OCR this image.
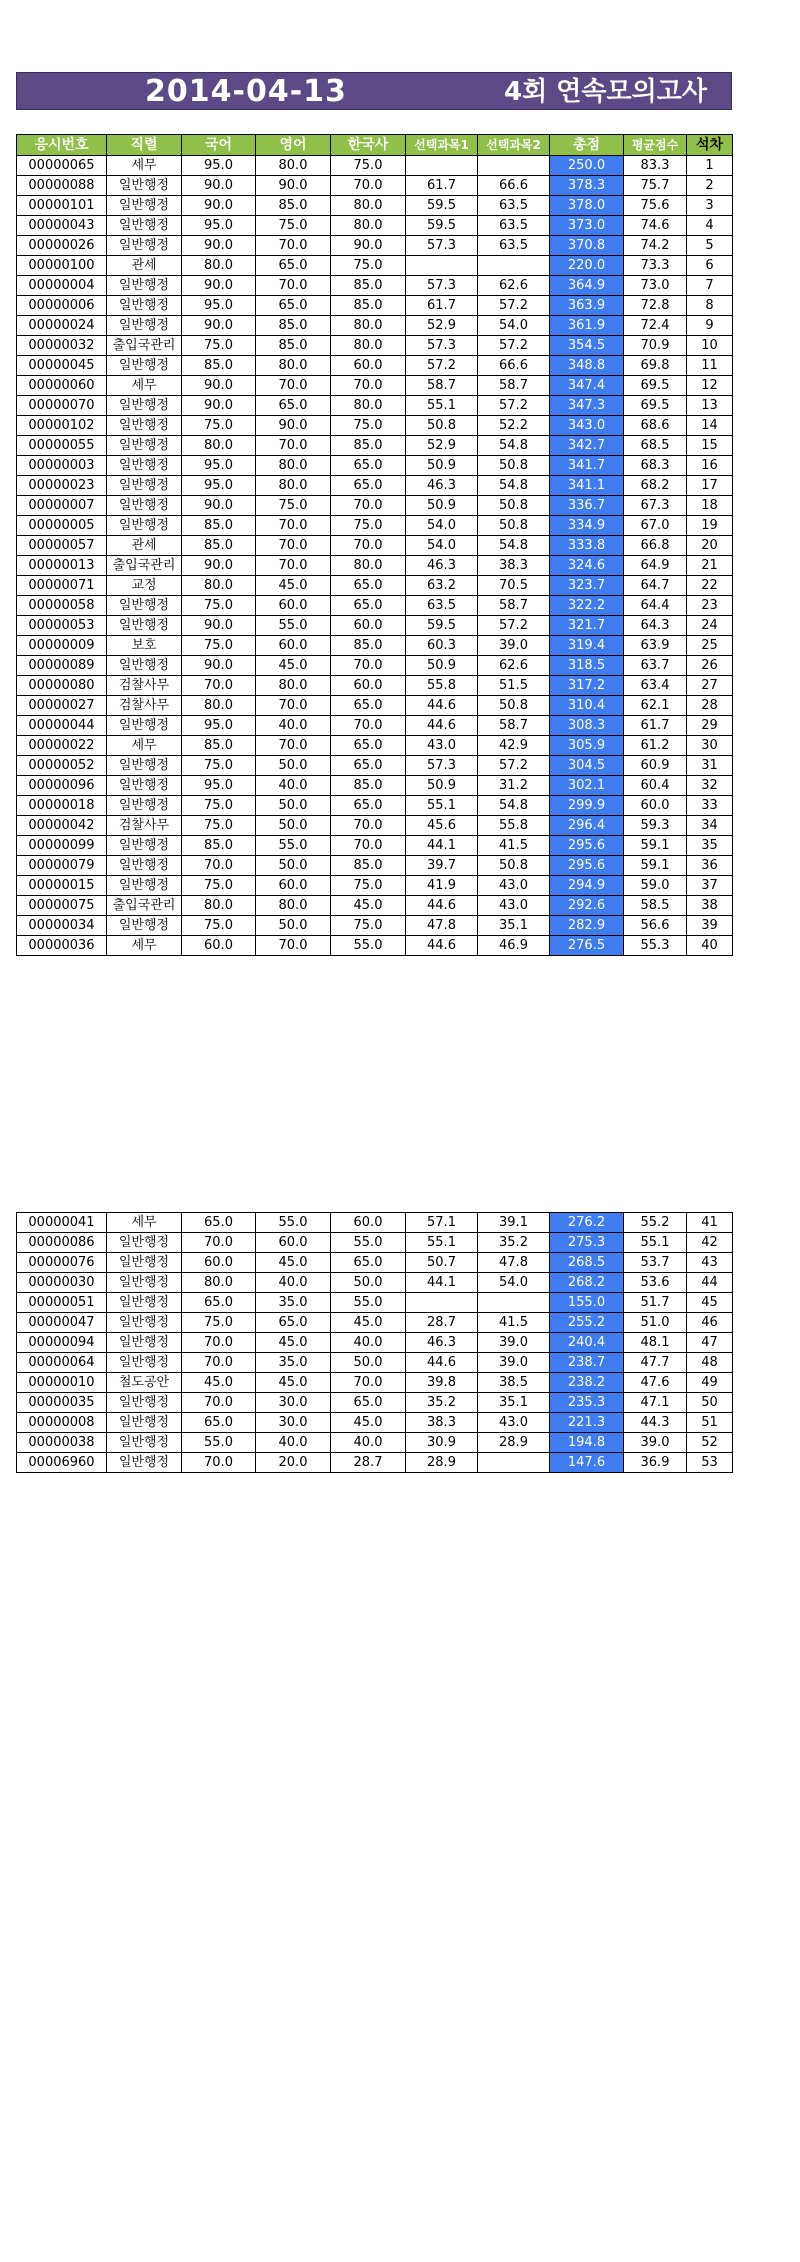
2014-04-13	4회 연속모의고사
응시번호	직렬	국어	영어	한국사	선택과목1	선택과목2	총점	평균점수	석차
00000065	세무	95.0	80.0	75.0			250.0	83.3	1
00000088	일반행정	90.0	90.0	70.0	61.7	66.6	378.3	75.7	2
00000101	일반행정	90.0	85.0	80.0	59.5	63.5	378.0	75.6	3
00000043	일반행정	95.0	75.0	80.0	59.5	63.5	373.0	74.6	4
00000026	일반행정	90.0	70.0	90.0	57.3	63.5	370.8	74.2	5
00000100	관세	80.0	65.0	75.0			220.0	73.3	6
00000004	일반행정	90.0	70.0	85.0	57.3	62.6	364.9	73.0	7
00000006	일반행정	95.0	65.0	85.0	61.7	57.2	363.9	72.8	8
00000024	일반행정	90.0	85.0	80.0	52.9	54.0	361.9	72.4	9
00000032	출입국관리	75.0	85.0	80.0	57.3	57.2	354.5	70.9	10
00000045	일반행정	85.0	80.0	60.0	57.2	66.6	348.8	69.8	11
00000060	세무	90.0	70.0	70.0	58.7	58.7	347.4	69.5	12
00000070	일반행정	90.0	65.0	80.0	55.1	57.2	347.3	69.5	13
00000102	일반행정	75.0	90.0	75.0	50.8	52.2	343.0	68.6	14
00000055	일반행정	80.0	70.0	85.0	52.9	54.8	342.7	68.5	15
00000003	일반행정	95.0	80.0	65.0	50.9	50.8	341.7	68.3	16
00000023	일반행정	95.0	80.0	65.0	46.3	54.8	341.1	68.2	17
00000007	일반행정	90.0	75.0	70.0	50.9	50.8	336.7	67.3	18
00000005	일반행정	85.0	70.0	75.0	54.0	50.8	334.9	67.0	19
00000057	관세	85.0	70.0	70.0	54.0	54.8	333.8	66.8	20
00000013	출입국관리	90.0	70.0	80.0	46.3	38.3	324.6	64.9	21
00000071	교정	80.0	45.0	65.0	63.2	70.5	323.7	64.7	22
00000058	일반행정	75.0	60.0	65.0	63.5	58.7	322.2	64.4	23
00000053	일반행정	90.0	55.0	60.0	59.5	57.2	321.7	64.3	24
00000009	보호	75.0	60.0	85.0	60.3	39.0	319.4	63.9	25
00000089	일반행정	90.0	45.0	70.0	50.9	62.6	318.5	63.7	26
00000080	검찰사무	70.0	80.0	60.0	55.8	51.5	317.2	63.4	27
00000027	검찰사무	80.0	70.0	65.0	44.6	50.8	310.4	62.1	28
00000044	일반행정	95.0	40.0	70.0	44.6	58.7	308.3	61.7	29
00000022	세무	85.0	70.0	65.0	43.0	42.9	305.9	61.2	30
00000052	일반행정	75.0	50.0	65.0	57.3	57.2	304.5	60.9	31
00000096	일반행정	95.0	40.0	85.0	50.9	31.2	302.1	60.4	32
00000018	일반행정	75.0	50.0	65.0	55.1	54.8	299.9	60.0	33
00000042	검찰사무	75.0	50.0	70.0	45.6	55.8	296.4	59.3	34
00000099	일반행정	85.0	55.0	70.0	44.1	41.5	295.6	59.1	35
00000079	일반행정	70.0	50.0	85.0	39.7	50.8	295.6	59.1	36
00000015	일반행정	75.0	60.0	75.0	41.9	43.0	294.9	59.0	37
00000075	출입국관리	80.0	80.0	45.0	44.6	43.0	292.6	58.5	38
00000034	일반행정	75.0	50.0	75.0	47.8	35.1	282.9	56.6	39
00000036	세무	60.0	70.0	55.0	44.6	46.9	276.5	55.3	40
00000041	세무	65.0	55.0	60.0	57.1	39.1	276.2	55.2	41
00000086	일반행정	70.0	60.0	55.0	55.1	35.2	275.3	55.1	42
00000076	일반행정	60.0	45.0	65.0	50.7	47.8	268.5	53.7	43
00000030	일반행정	80.0	40.0	50.0	44.1	54.0	268.2	53.6	44
00000051	일반행정	65.0	35.0	55.0			155.0	51.7	45
00000047	일반행정	75.0	65.0	45.0	28.7	41.5	255.2	51.0	46
00000094	일반행정	70.0	45.0	40.0	46.3	39.0	240.4	48.1	47
00000064	일반행정	70.0	35.0	50.0	44.6	39.0	238.7	47.7	48
00000010	철도공안	45.0	45.0	70.0	39.8	38.5	238.2	47.6	49
00000035	일반행정	70.0	30.0	65.0	35.2	35.1	235.3	47.1	50
00000008	일반행정	65.0	30.0	45.0	38.3	43.0	221.3	44.3	51
00000038	일반행정	55.0	40.0	40.0	30.9	28.9	194.8	39.0	52
00006960	일반행정	70.0	20.0	28.7	28.9		147.6	36.9	53
